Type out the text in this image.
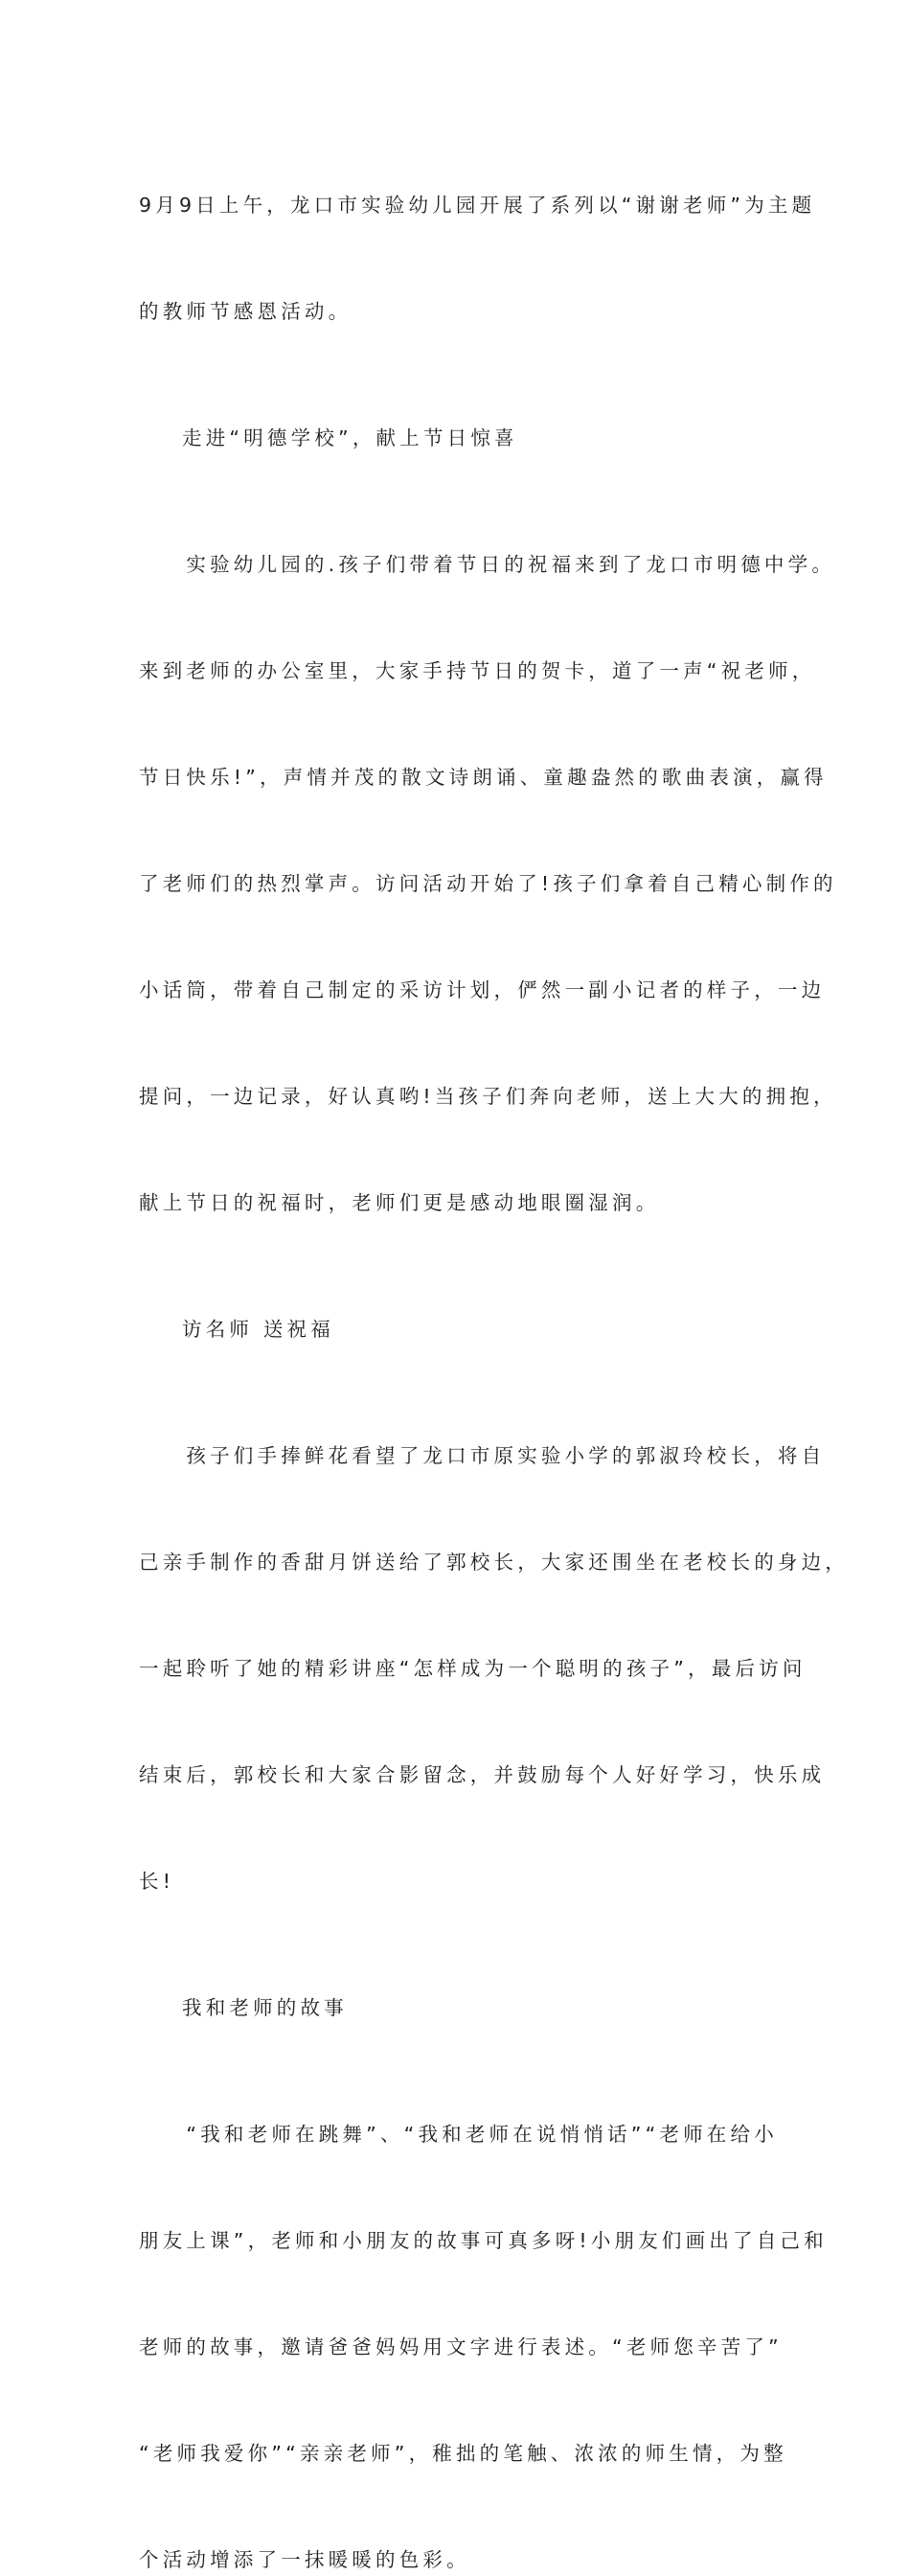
9月9日上午，龙口市实验幼儿园开展了系列以“谢谢老师”为主题

的教师节感恩活动。

走进“明德学校”，献上节日惊喜

　　实验幼儿园的.孩子们带着节日的祝福来到了龙口市明德中学。

来到老师的办公室里，大家手持节日的贺卡，道了一声“祝老师，

节日快乐!”，声情并茂的散文诗朗诵、童趣盎然的歌曲表演，赢得

了老师们的热烈掌声。访问活动开始了!孩子们拿着自己精心制作的

小话筒，带着自己制定的采访计划，俨然一副小记者的样子，一边

提问，一边记录，好认真哟!当孩子们奔向老师，送上大大的拥抱，

献上节日的祝福时，老师们更是感动地眼圈湿润。

访名师 送祝福

　　孩子们手捧鲜花看望了龙口市原实验小学的郭淑玲校长，将自

己亲手制作的香甜月饼送给了郭校长，大家还围坐在老校长的身边，

一起聆听了她的精彩讲座“怎样成为一个聪明的孩子”，最后访问

结束后，郭校长和大家合影留念，并鼓励每个人好好学习，快乐成

长!

我和老师的故事

　　“我和老师在跳舞”、“我和老师在说悄悄话”“老师在给小

朋友上课”，老师和小朋友的故事可真多呀!小朋友们画出了自己和

老师的故事，邀请爸爸妈妈用文字进行表述。“老师您辛苦了”

“老师我爱你”“亲亲老师”，稚拙的笔触、浓浓的师生情，为整

个活动增添了一抹暖暖的色彩。
